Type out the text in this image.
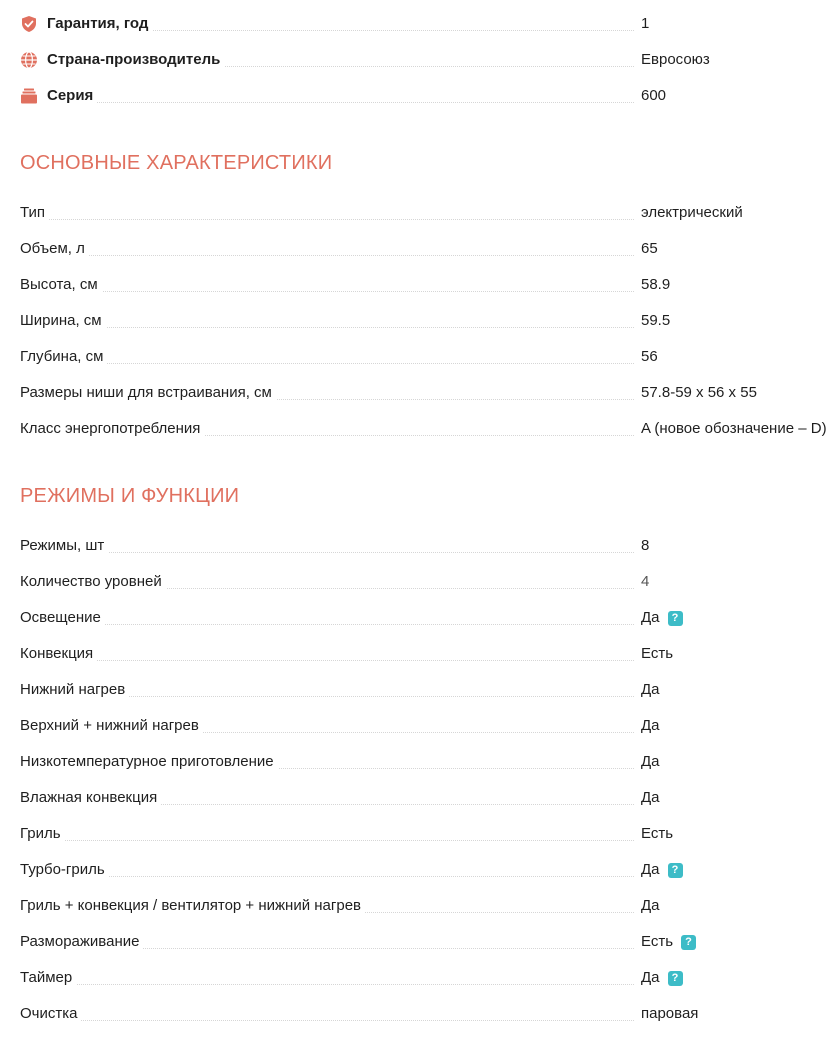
Гарантия, год	1
Страна-производитель	Евросоюз
Серия	600
ОСНОВНЫЕ ХАРАКТЕРИСТИКИ
Тип	электрический
Объем, л	65
Высота, см	58.9
Ширина, см	59.5
Глубина, см	56
Размеры ниши для встраивания, см	57.8-59 x 56 x 55
Класс энергопотребления	A (новое обозначение – D)
РЕЖИМЫ И ФУНКЦИИ
Режимы, шт	8
Количество уровней	4
Освещение	Да	?
Конвекция	Есть
Нижний нагрев	Да
Верхний + нижний нагрев	Да
Низкотемпературное приготовление	Да
Влажная конвекция	Да
Гриль	Есть
Турбо-гриль	Да	?
Гриль + конвекция / вентилятор + нижний нагрев	Да
Размораживание	Есть	?
Таймер	Да	?
Очистка	паровая
